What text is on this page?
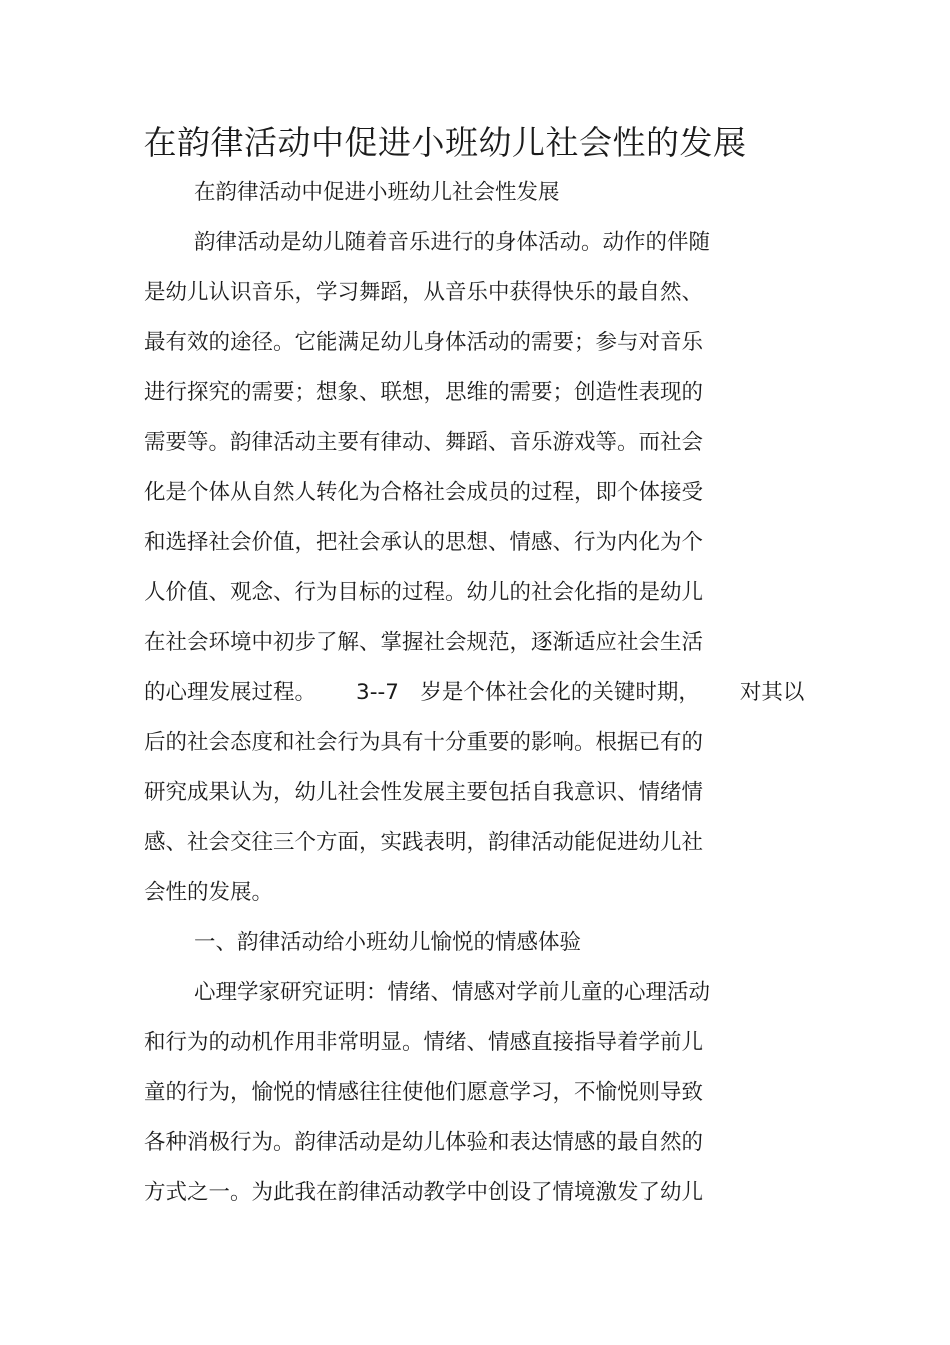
在韵律活动中促进小班幼儿社会性的发展
在韵律活动中促进小班幼儿社会性发展
韵律活动是幼儿随着音乐进行的身体活动。动作的伴随
是幼儿认识音乐，学习舞蹈，从音乐中获得快乐的最自然、
最有效的途径。它能满足幼儿身体活动的需要；参与对音乐
进行探究的需要；想象、联想，思维的需要；创造性表现的
需要等。韵律活动主要有律动、舞蹈、音乐游戏等。而社会
化是个体从自然人转化为合格社会成员的过程，即个体接受
和选择社会价值，把社会承认的思想、情感、行为内化为个
人价值、观念、行为目标的过程。幼儿的社会化指的是幼儿
在社会环境中初步了解、掌握社会规范，逐渐适应社会生活
的心理发展过程。 3--7　岁是个体社会化的关键时期， 对其以
后的社会态度和社会行为具有十分重要的影响。根据已有的
研究成果认为，幼儿社会性发展主要包括自我意识、情绪情
感、社会交往三个方面，实践表明，韵律活动能促进幼儿社
会性的发展。
一、韵律活动给小班幼儿愉悦的情感体验
心理学家研究证明：情绪、情感对学前儿童的心理活动
和行为的动机作用非常明显。情绪、情感直接指导着学前儿
童的行为，愉悦的情感往往使他们愿意学习，不愉悦则导致
各种消极行为。韵律活动是幼儿体验和表达情感的最自然的
方式之一。为此我在韵律活动教学中创设了情境激发了幼儿
